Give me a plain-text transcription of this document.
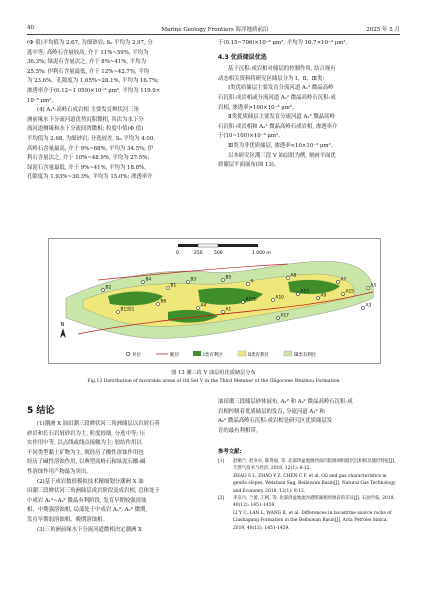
40	Marine Geology Frontiers 海洋地质前沿	2025 年 5 月

(Φ 值)平均值为 2.67, 为细砂岩; S₀ 平均为 2.97, 分

选中等; 高岭石含量较高, 介于 11%~59%, 平均为

36.3%; 绿泥石含量次之, 介于 8%~41%, 平均为

25.5%; 伊利石含量最低, 介于 12%~42.7%, 平均

为 23.6%。孔隙度为 1.65%~28.1%, 平均为 16.7%;

渗透率介于(0.12~1 059)×10⁻³ μm², 平均为 119.9×

10⁻³ μm²。

(4) A₁⁴-高岭石成岩相 主要发育辫状河三角

洲前缘水下分流河道优势沉积微相, 其次为水下分

流河道侧缘和水下分流间湾微相; 粒度中值(Φ 值)

平均值为 2.68, 为细砂岩; 分选较差, S₀ 平均为 4.00。

高岭石含量最高, 介于 9%~68%, 平均为 34.5%; 伊

利石含量次之, 介于 10%~48.9%, 平均为 27.5%;

绿泥石含量最低, 介于 9%~41%, 平均为 18.8%。

孔隙度为 1.93%~30.3%, 平均为 15.0%; 渗透率介

于(0.15~706)×10⁻³ μm², 平均为 16.7×10⁻³ μm²。

4.3 优质储层优选

基于沉积-成岩相对储层的控制作用, 结合现有

动态相关资料将研究区储层分为 Ⅰ、Ⅱ、Ⅲ类:

Ⅰ类优质储层主要发育分流河道 A₁² 微晶高岭

石沉积-成岩相或分流河道 A₂² 微晶高岭石沉积-成

岩相, 渗透率>100×10⁻³ μm²。

Ⅱ类优质储层主要发育分流河道 A₁² 微晶高岭

石沉积-成岩相和 A₂² 微晶高岭石成岩相, 渗透率介

于(10~100)×10⁻³ μm²。

Ⅲ类为非优质储层, 渗透率<10×10⁻³ μm²。

以本研究区潮三段 V 油层组为例, 刻画平面优

质储层平面展布(图 13)。

0	250	500	1 000 m
N
B2
B4
B1
B3	B5
A
A8
A7
B1351
B6
A4
A1
A12b	A10
A13
A9
A15
A5
A17
A3
井位	断层	Ⅰ类有利区	Ⅱ类有利区	Ⅲ类有利区
图 13 潮三段 V 油层组优质储层分布
Fig.13 Distribution of favorable areas of Oil Set V in the Third Member of the Oligocene Weizhou Formation
5 结论

(1)潮洲 X 油田潮三段辫状河三角洲储层以岩屑石英

砂岩和长石岩屑砂岩为主, 粒度较细, 分选中等; 压

实作用中等, 以点线或线点接触为主; 胶结作用以

不同类型黏土矿物为主, 既经历了酸性溶蚀作用也

经历了碱性溶蚀作用, 以典型高岭石和绿泥石酸-碱

性溶蚀作用产物最为突出。

(2)基于成岩数值模拟技术精细划分潮洲 X 油

田潮三段辫状河三角洲储层成岩阶段及成岩相, 总体处于

中成岩 A₁³~A₂² 微晶有利阶段, 发育早期较强溶蚀

相、中期强溶蚀相, 局部处于中成岩 A₁², A₂² 微期,

发育早期弱溶蚀相、晚期溶蚀相。

(3)三角洲前缘水下分流河道微相决定潮洲 X

油田潮三段储层砂体展布, A₁² 和 A₂² 微晶高岭石沉积-成

岩相控制着优质储层的发育, 分流河道 A₁² 和

A₂² 微晶高岭石沉积-成岩相是研究区优质储层发

育的最有利相带。

参考文献:
[1]	赵顺兰, 赵亚卓, 陈得福, 等. 北部湾盆地涠西南凹陷涠洲组储层沉积相及储层特征[J]. 天然气技术与经济, 2018, 12(1): 8-12.
ZHAO S L, ZHAO Y Z, CHEN C F, et al. Oil and gas characteristics in gentle slopes, Weixinan Sag, Beibuwan Basin[J]. Natural Gas Technology and Economy, 2018, 12(1): 8-12.
[2]	李友川, 兰蕾, 王柯, 等. 北部湾盆地流沙港组湖相烃源岩的差异[J]. 石油学报, 2019, 40(12): 1451-1459.
LI Y C, LAN L, WANG K, et al. Differences in lacustrine source rocks of Liushagang Formation in the Beibuwan Basin[J]. Acta Petrolei Sinica, 2019, 40(12): 1451-1459.
